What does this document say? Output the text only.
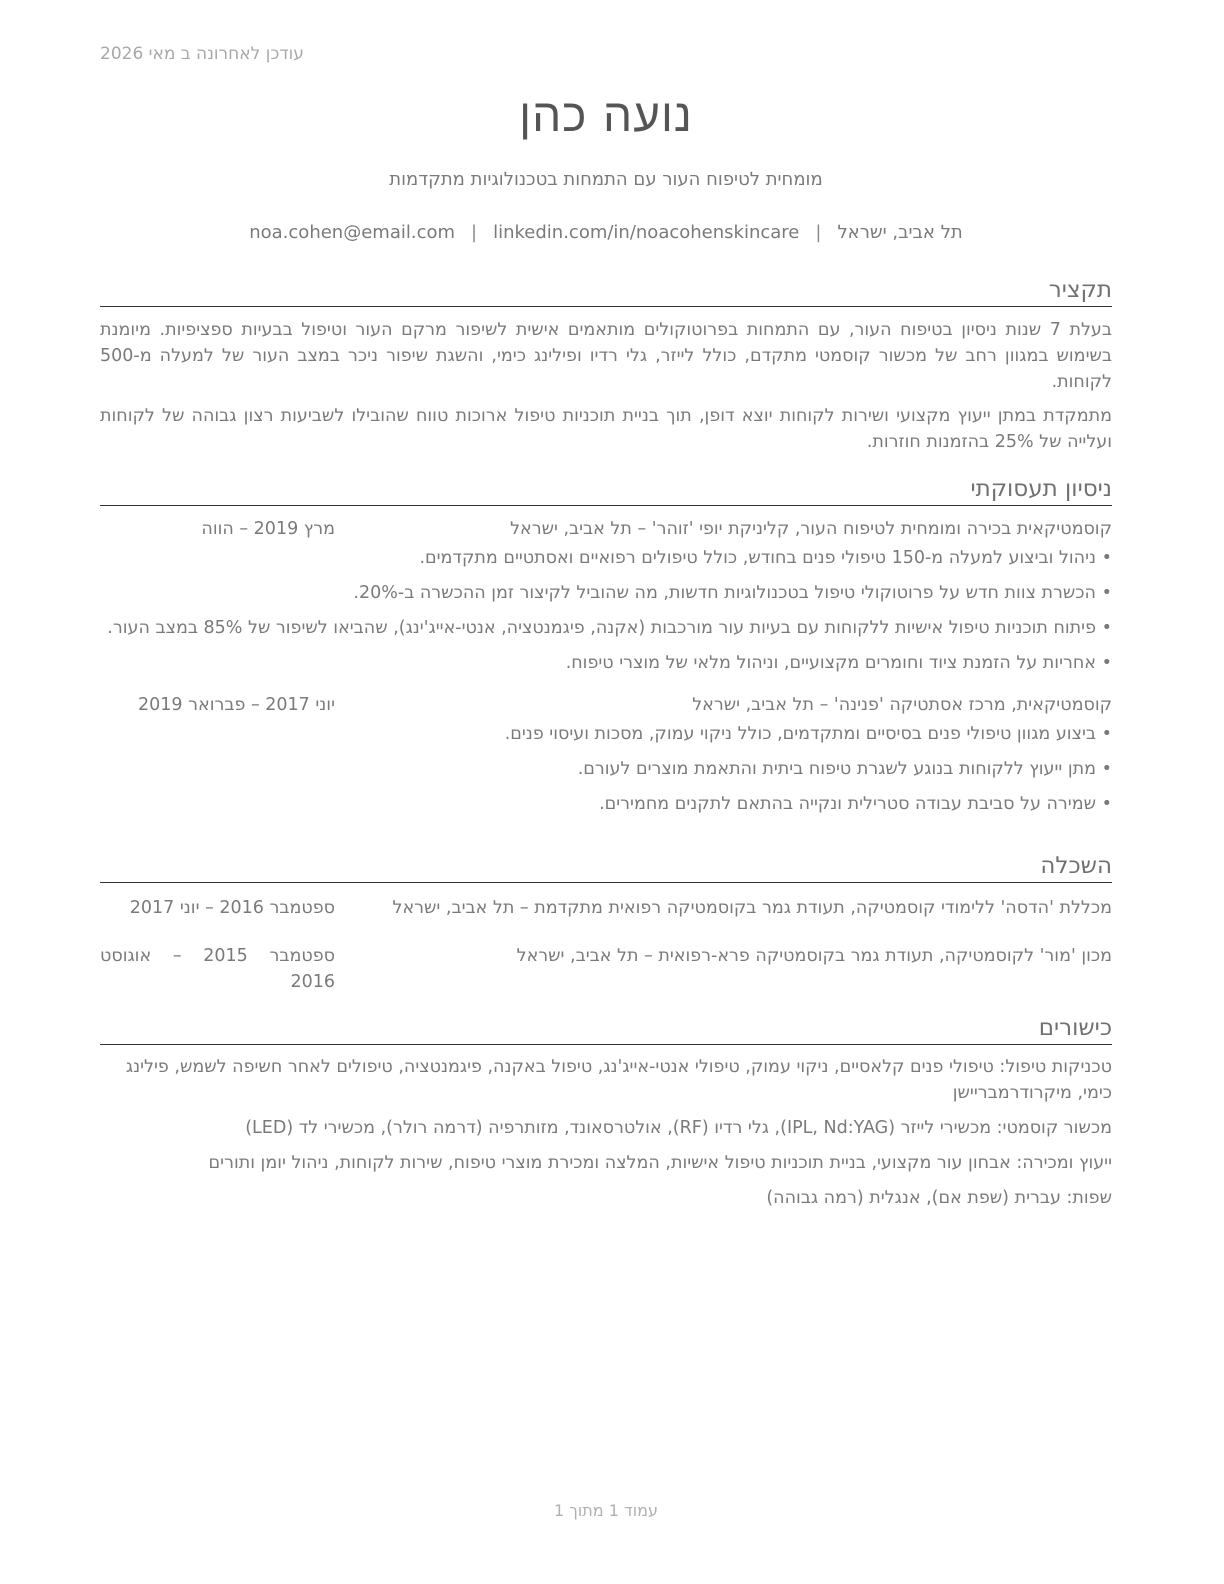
עודכן לאחרונה ב מאי 2026
נועה כהן
מומחית לטיפוח העור עם התמחות בטכנולוגיות מתקדמות
תל אביב, ישראל|noa.cohen@email.com | linkedin.com/in/noacohenskincare
תקציר
בעלת 7 שנות ניסיון בטיפוח העור, עם התמחות בפרוטוקולים מותאמים אישית לשיפור מרקם העור וטיפול בבעיות ספציפיות. מיומנת בשימוש במגוון רחב של מכשור קוסמטי מתקדם, כולל לייזר, גלי רדיו ופילינג כימי, והשגת שיפור ניכר במצב העור של למעלה מ-500 לקוחות.
מתמקדת במתן ייעוץ מקצועי ושירות לקוחות יוצא דופן, תוך בניית תוכניות טיפול ארוכות טווח שהובילו לשביעות רצון גבוהה של לקוחות ועלייה של 25% בהזמנות חוזרות.
ניסיון תעסוקתי
קוסמטיקאית בכירה ומומחית לטיפוח העור, קליניקת יופי 'זוהר' – תל אביב, ישראל
מרץ 2019 – הווה
•
ניהול וביצוע למעלה מ-150 טיפולי פנים בחודש, כולל טיפולים רפואיים ואסתטיים מתקדמים.
•
הכשרת צוות חדש על פרוטוקולי טיפול בטכנולוגיות חדשות, מה שהוביל לקיצור זמן ההכשרה ב-20%.
•
פיתוח תוכניות טיפול אישיות ללקוחות עם בעיות עור מורכבות (אקנה, פיגמנטציה, אנטי-אייג'ינג), שהביאו לשיפור של 85% במצב העור.
•
אחריות על הזמנת ציוד וחומרים מקצועיים, וניהול מלאי של מוצרי טיפוח.
קוסמטיקאית, מרכז אסתטיקה 'פנינה' – תל אביב, ישראל
יוני 2017 – פברואר 2019
•
ביצוע מגוון טיפולי פנים בסיסיים ומתקדמים, כולל ניקוי עמוק, מסכות ועיסוי פנים.
•
מתן ייעוץ ללקוחות בנוגע לשגרת טיפוח ביתית והתאמת מוצרים לעורם.
•
שמירה על סביבת עבודה סטרילית ונקייה בהתאם לתקנים מחמירים.
השכלה
מכללת 'הדסה' ללימודי קוסמטיקה, תעודת גמר בקוסמטיקה רפואית מתקדמת – תל אביב, ישראל
ספטמבר 2016 – יוני 2017
מכון 'מור' לקוסמטיקה, תעודת גמר בקוסמטיקה פרא-רפואית – תל אביב, ישראל
ספטמבר 2015 – אוגוסט 2016
כישורים
טכניקות טיפול: טיפולי פנים קלאסיים, ניקוי עמוק, טיפולי אנטי-אייג'נג, טיפול באקנה, פיגמנטציה, טיפולים לאחר חשיפה לשמש, פילינג כימי, מיקרודרמבריישן
מכשור קוסמטי: מכשירי לייזר (IPL, Nd:YAG), גלי רדיו (RF), אולטרסאונד, מזותרפיה (דרמה רולר), מכשירי לד (LED)
ייעוץ ומכירה: אבחון עור מקצועי, בניית תוכניות טיפול אישיות, המלצה ומכירת מוצרי טיפוח, שירות לקוחות, ניהול יומן ותורים
שפות: עברית (שפת אם), אנגלית (רמה גבוהה)
עמוד 1 מתוך 1
